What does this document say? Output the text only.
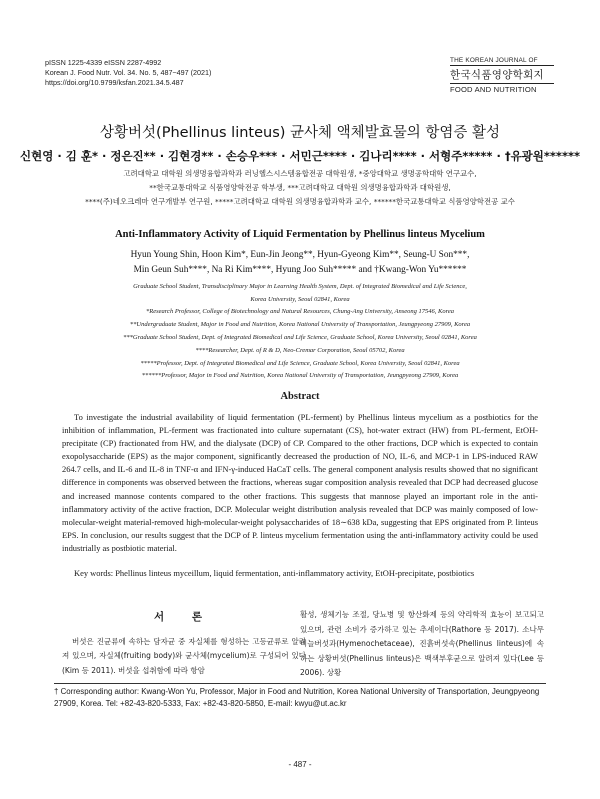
pISSN 1225-4339 eISSN 2287-4992
Korean J. Food Nutr. Vol. 34. No. 5, 487~497 (2021)
https://doi.org/10.9799/ksfan.2021.34.5.487
THE KOREAN JOURNAL OF
한국식품영양학회지
FOOD AND NUTRITION
상황버섯(Phellinus linteus) 균사체 액체발효물의 항염증 활성
신현영 · 김 훈* · 정은진** · 김현경** · 손승우*** · 서민근**** · 김나리**** · 서형주***** · †유광원******
고려대학교 대학원 의생명융합과학과 러닝헬스시스템융합전공 대학원생, *중앙대학교 생명공학대학 연구교수,
**한국교통대학교 식품영양학전공 학부생, ***고려대학교 대학원 의생명융합과학과 대학원생,
****(주)네오크레마 연구개발부 연구원, *****고려대학교 대학원 의생명융합과학과 교수, ******한국교통대학교 식품영양학전공 교수
Anti-Inflammatory Activity of Liquid Fermentation by Phellinus linteus Mycelium
Hyun Young Shin, Hoon Kim*, Eun-Jin Jeong**, Hyun-Gyeong Kim**, Seung-U Son***,
Min Geun Suh****, Na Ri Kim****, Hyung Joo Suh***** and †Kwang-Won Yu******
Graduate School Student, Transdisciplinary Major in Learning Health System, Dept. of Integrated Biomedical and Life Science,
Korea University, Seoul 02841, Korea
*Research Professor, College of Biotechnology and Natural Resources, Chung-Ang University, Anseong 17546, Korea
**Undergraduate Student, Major in Food and Nutrition, Korea National University of Transportation, Jeungpyeong 27909, Korea
***Graduate School Student, Dept. of Integrated Biomedical and Life Science, Graduate School, Korea University, Seoul 02841, Korea
****Researcher, Dept. of R & D, Neo-Cremar Corporation, Seoul 05702, Korea
*****Professor, Dept. of Integrated Biomedical and Life Science, Graduate School, Korea University, Seoul 02841, Korea
******Professor, Major in Food and Nutrition, Korea National University of Transportation, Jeungpyeong 27909, Korea
Abstract
To investigate the industrial availability of liquid fermentation (PL-ferment) by Phellinus linteus mycelium as a postbiotics for the inhibition of inflammation, PL-ferment was fractionated into culture supernatant (CS), hot-water extract (HW) from PL-ferment, EtOH-precipitate (CP) fractionated from HW, and the dialysate (DCP) of CP. Compared to the other fractions, DCP which is expected to contain exopolysaccharide (EPS) as the major component, significantly decreased the production of NO, IL-6, and MCP-1 in LPS-induced RAW 264.7 cells, and IL-6 and IL-8 in TNF-α and IFN-γ-induced HaCaT cells. The general component analysis results showed that no significant difference in components was observed between the fractions, whereas sugar composition analysis revealed that DCP had decreased glucose and increased mannose contents compared to the other fractions. This suggests that mannose played an important role in the anti-inflammatory activity of the active fraction, DCP. Molecular weight distribution analysis revealed that DCP was mainly composed of low-molecular-weight material-removed high-molecular-weight polysaccharides of 18∼638 kDa, suggesting that EPS originated from P. linteus EPS. In conclusion, our results suggest that the DCP of P. linteus mycelium fermentation using the anti-inflammatory activity could be used industrially as postbiotic material.
Key words: Phellinus linteus myceillum, liquid fermentation, anti-inflammatory activity, EtOH-precipitate, postbiotics
서 론

버섯은 진균류에 속하는 담자균 중 자실체를 형성하는 고등균류로 알려져 있으며, 자실체(fruiting body)와 균사체(mycelium)로 구성되어 있다(Kim 등 2011). 버섯을 섭취함에 따라 항암

활성, 생체기능 조절, 당뇨병 및 항산화제 등의 약리학적 효능이 보고되고 있으며, 관련 소비가 증가하고 있는 추세이다(Rathore 등 2017). 소나무 비늘버섯과(Hymenochetaceae), 진흙버섯속(Phellinus linteus)에 속하는 상황버섯(Phellinus linteus)은 백색부후균으로 알려져 있다(Lee 등 2006). 상황

† Corresponding author: Kwang-Won Yu, Professor, Major in Food and Nutrition, Korea National University of Transportation, Jeungpyeong 27909, Korea. Tel: +82-43-820-5333, Fax: +82-43-820-5850, E-mail: kwyu@ut.ac.kr
- 487 -
